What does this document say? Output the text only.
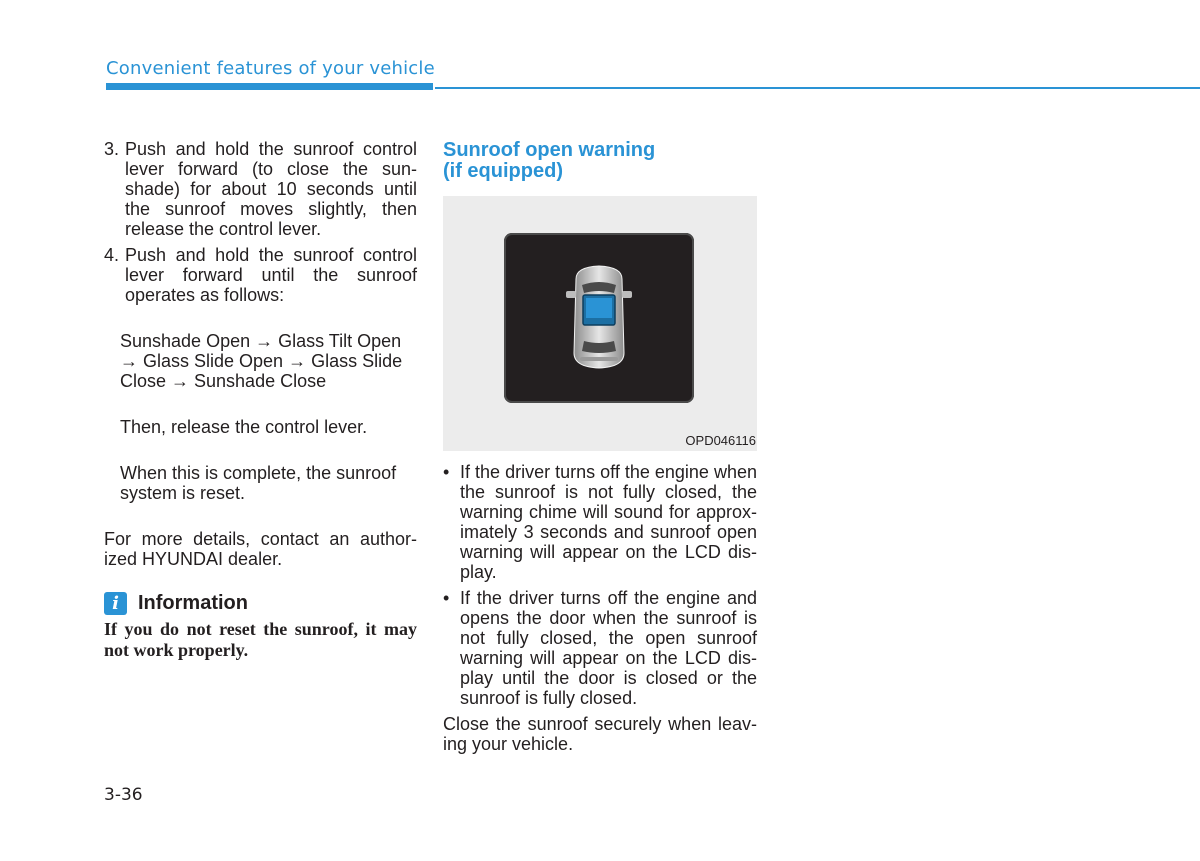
Convenient features of your vehicle
3. Push and hold the sunroof control lever forward (to close the sun-shade) for about 10 seconds until the sunroof moves slightly, then release the control lever.
4. Push and hold the sunroof control lever forward until the sunroof operates as follows:

Sunshade Open → Glass Tilt Open → Glass Slide Open → Glass Slide Close → Sunshade Close

Then, release the control lever.

When this is complete, the sunroof system is reset.

For more details, contact an author-ized HYUNDAI dealer.

i Information
If you do not reset the sunroof, it may not work properly.
Sunroof open warning
(if equipped)
OPD046116
• If the driver turns off the engine when the sunroof is not fully closed, the warning chime will sound for approx-imately 3 seconds and sunroof open warning will appear on the LCD dis-play.
• If the driver turns off the engine and opens the door when the sunroof is not fully closed, the open sunroof warning will appear on the LCD dis-play until the door is closed or the sunroof is fully closed.

Close the sunroof securely when leav-ing your vehicle.

3-36
